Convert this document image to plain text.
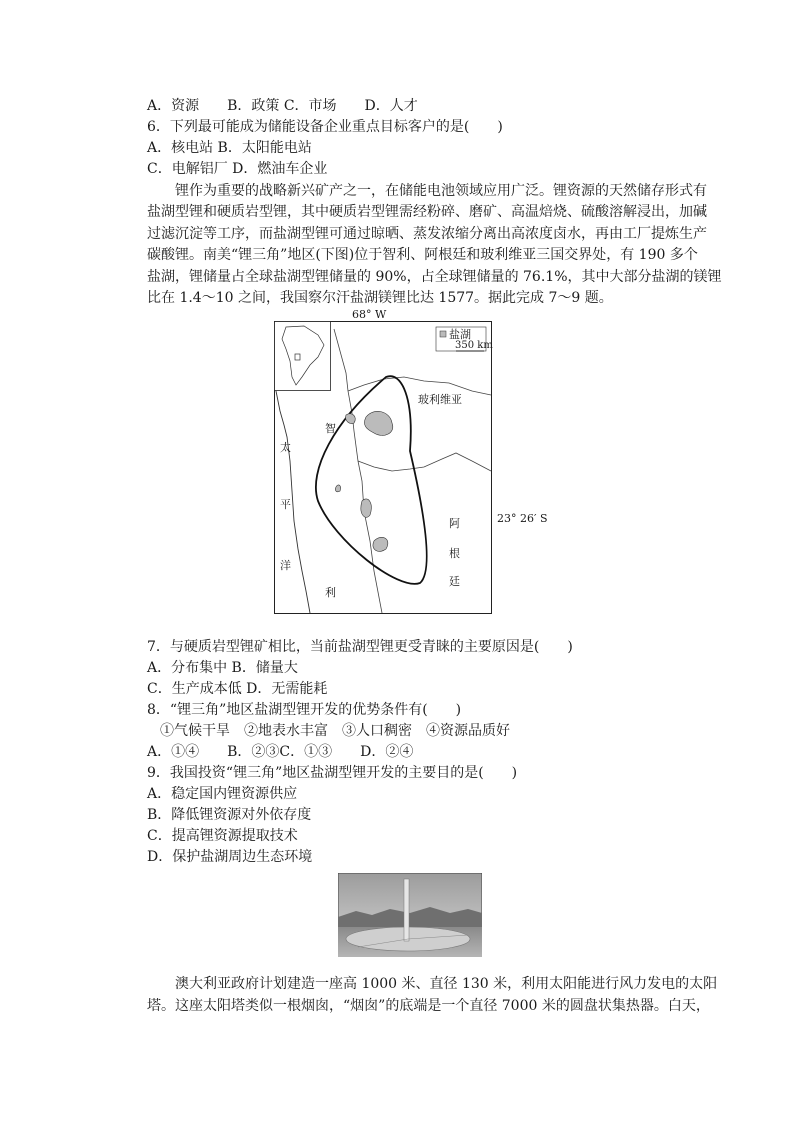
A．资源　　B．政策 C．市场　　D．人才
6．下列最可能成为储能设备企业重点目标客户的是(　　)
A．核电站 B．太阳能电站
C．电解铝厂 D．燃油车企业
锂作为重要的战略新兴矿产之一，在储能电池领域应用广泛。锂资源的天然储存形式有
盐湖型锂和硬质岩型锂，其中硬质岩型锂需经粉碎、磨矿、高温焙烧、硫酸溶解浸出，加碱
过滤沉淀等工序，而盐湖型锂可通过晾晒、蒸发浓缩分离出高浓度卤水，再由工厂提炼生产
碳酸锂。南美“锂三角”地区(下图)位于智利、阿根廷和玻利维亚三国交界处，有 190 多个
盐湖，锂储量占全球盐湖型锂储量的 90%，占全球锂储量的 76.1%，其中大部分盐湖的镁锂
比在 1.4～10 之间，我国察尔汗盐湖镁锂比达 1577。据此完成 7～9 题。
68° W
盐湖
350 km
玻利维亚
智
利
太
平
洋
阿
根
廷
23° 26′ S
7．与硬质岩型锂矿相比，当前盐湖型锂更受青睐的主要原因是(　　)
A．分布集中 B．储量大
C．生产成本低 D．无需能耗
8．“锂三角”地区盐湖型锂开发的优势条件有(　　)
①气候干旱　②地表水丰富　③人口稠密　④资源品质好
A．①④　　B．②③C．①③　　D．②④
9．我国投资“锂三角”地区盐湖型锂开发的主要目的是(　　)
A．稳定国内锂资源供应
B．降低锂资源对外依存度
C．提高锂资源提取技术
D．保护盐湖周边生态环境
澳大利亚政府计划建造一座高 1000 米、直径 130 米，利用太阳能进行风力发电的太阳
塔。这座太阳塔类似一根烟囱，“烟囱”的底端是一个直径 7000 米的圆盘状集热器。白天，
